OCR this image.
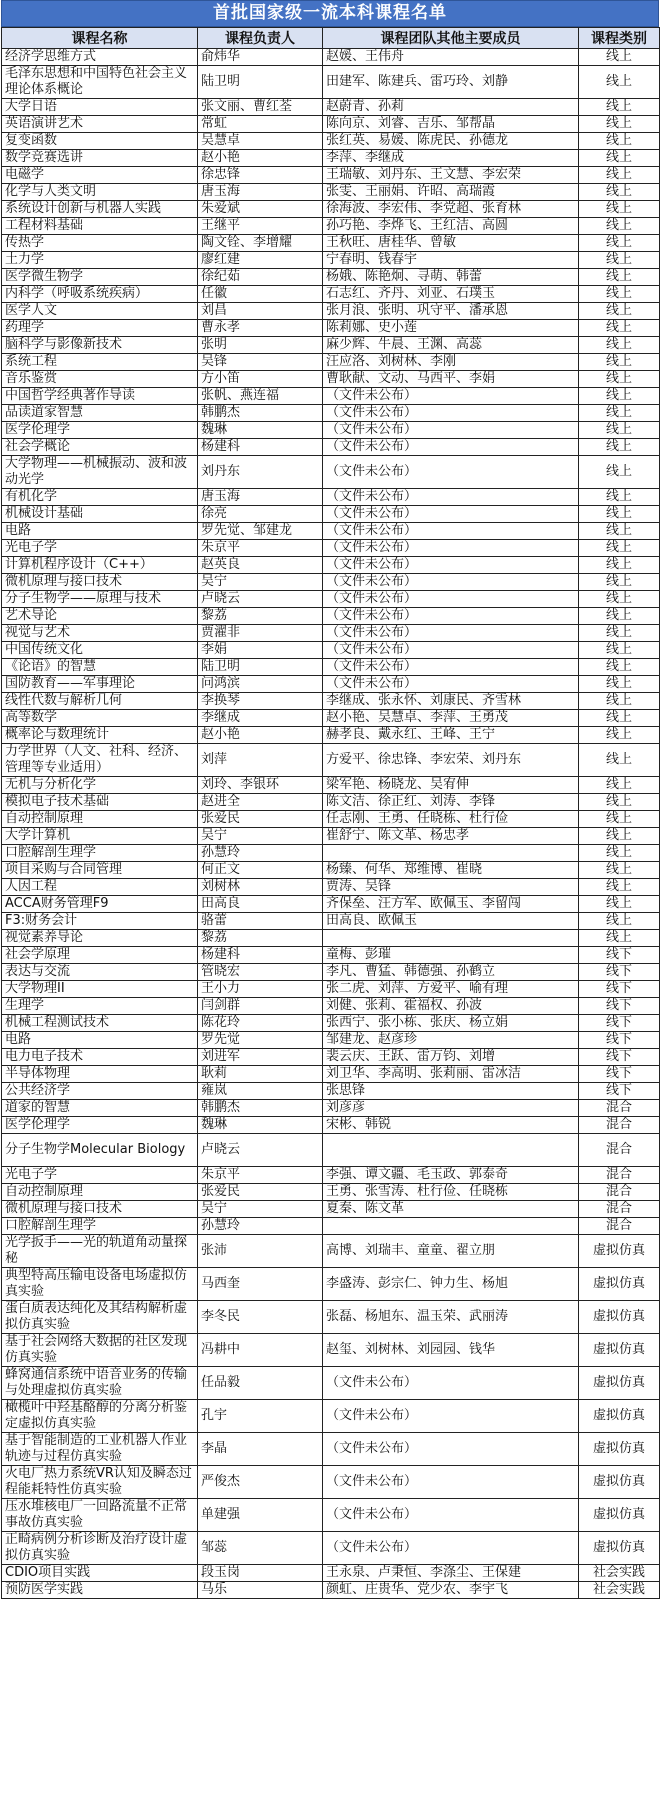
首批国家级一流本科课程名单
课程名称	课程负责人	课程团队其他主要成员	课程类别
经济学思维方式	俞炜华	赵媛、王伟舟	线上
毛泽东思想和中国特色社会主义理论体系概论	陆卫明	田建军、陈建兵、雷巧玲、刘静	线上
大学日语	张文丽、曹红荃	赵蔚青、孙莉	线上
英语演讲艺术	常虹	陈向京、刘睿、吉乐、邹帮晶	线上
复变函数	吴慧卓	张红英、易媛、陈虎民、孙德龙	线上
数学竞赛选讲	赵小艳	李萍、李继成	线上
电磁学	徐忠锋	王瑞敏、刘丹东、王文慧、李宏荣	线上
化学与人类文明	唐玉海	张雯、王丽娟、许昭、高瑞霞	线上
系统设计创新与机器人实践	朱爱斌	徐海波、李宏伟、李党超、张育林	线上
工程材料基础	王继平	孙巧艳、李烨飞、王红洁、高圆	线上
传热学	陶文铨、李增耀	王秋旺、唐桂华、曾敏	线上
土力学	廖红建	宁春明、钱春宇	线上
医学微生物学	徐纪茹	杨娥、陈艳炯、寻萌、韩蕾	线上
内科学（呼吸系统疾病）	任徽	石志红、齐丹、刘亚、石璞玉	线上
医学人文	刘昌	张月浪、张明、巩守平、潘承恩	线上
药理学	曹永孝	陈莉娜、史小莲	线上
脑科学与影像新技术	张明	麻少辉、牛晨、王渊、高蕊	线上
系统工程	吴锋	汪应洛、刘树林、李刚	线上
音乐鉴赏	方小笛	曹耿献、文动、马西平、李娟	线上
中国哲学经典著作导读	张帆、燕连福	（文件未公布）	线上
品读道家智慧	韩鹏杰	（文件未公布）	线上
医学伦理学	魏琳	（文件未公布）	线上
社会学概论	杨建科	（文件未公布）	线上
大学物理——机械振动、波和波动光学	刘丹东	（文件未公布）	线上
有机化学	唐玉海	（文件未公布）	线上
机械设计基础	徐亮	（文件未公布）	线上
电路	罗先觉、邹建龙	（文件未公布）	线上
光电子学	朱京平	（文件未公布）	线上
计算机程序设计（C++）	赵英良	（文件未公布）	线上
微机原理与接口技术	吴宁	（文件未公布）	线上
分子生物学——原理与技术	卢晓云	（文件未公布）	线上
艺术导论	黎荔	（文件未公布）	线上
视觉与艺术	贾濯非	（文件未公布）	线上
中国传统文化	李娟	（文件未公布）	线上
《论语》的智慧	陆卫明	（文件未公布）	线上
国防教育——军事理论	问鸿滨	（文件未公布）	线上
线性代数与解析几何	李换琴	李继成、张永怀、刘康民、齐雪林	线上
高等数学	李继成	赵小艳、吴慧卓、李萍、王勇茂	线上
概率论与数理统计	赵小艳	赫孝良、戴永红、王峰、王宁	线上
力学世界（人文、社科、经济、管理等专业适用）	刘萍	方爱平、徐忠锋、李宏荣、刘丹东	线上
无机与分析化学	刘玲、李银环	梁军艳、杨晓龙、吴宥伸	线上
模拟电子技术基础	赵进全	陈文洁、徐正红、刘涛、李锋	线上
自动控制原理	张爱民	任志刚、王勇、任晓栋、杜行俭	线上
大学计算机	吴宁	崔舒宁、陈文革、杨忠孝	线上
口腔解剖生理学	孙慧玲		线上
项目采购与合同管理	何正文	杨臻、何华、郑维博、崔晓	线上
人因工程	刘树林	贾涛、吴锋	线上
ACCA财务管理F9	田高良	齐保垒、汪方军、欧佩玉、李留闯	线上
F3:财务会计	骆蕾	田高良、欧佩玉	线上
视觉素养导论	黎荔		线上
社会学原理	杨建科	童梅、彭璀	线下
表达与交流	管晓宏	李凡、曹猛、韩德强、孙鹤立	线下
大学物理II	王小力	张二虎、刘萍、方爱平、喻有理	线下
生理学	闫剑群	刘健、张莉、霍福权、孙波	线下
机械工程测试技术	陈花玲	张西宁、张小栋、张庆、杨立娟	线下
电路	罗先觉	邹建龙、赵彦珍	线下
电力电子技术	刘进军	裴云庆、王跃、雷万钧、刘增	线下
半导体物理	耿莉	刘卫华、李高明、张莉丽、雷冰洁	线下
公共经济学	雍岚	张思锋	线下
道家的智慧	韩鹏杰	刘彦彦	混合
医学伦理学	魏琳	宋彬、韩锐	混合
分子生物学Molecular Biology	卢晓云		混合
光电子学	朱京平	李强、谭文疆、毛玉政、郭泰奇	混合
自动控制原理	张爱民	王勇、张雪涛、杜行俭、任晓栋	混合
微机原理与接口技术	吴宁	夏秦、陈文革	混合
口腔解剖生理学	孙慧玲		混合
光学扳手——光的轨道角动量探秘	张沛	高博、刘瑞丰、童童、翟立朋	虚拟仿真
典型特高压输电设备电场虚拟仿真实验	马西奎	李盛涛、彭宗仁、钟力生、杨旭	虚拟仿真
蛋白质表达纯化及其结构解析虚拟仿真实验	李冬民	张磊、杨旭东、温玉荣、武丽涛	虚拟仿真
基于社会网络大数据的社区发现仿真实验	冯耕中	赵玺、刘树林、刘园园、钱华	虚拟仿真
蜂窝通信系统中语音业务的传输与处理虚拟仿真实验	任品毅	（文件未公布）	虚拟仿真
橄榄叶中羟基酪醇的分离分析鉴定虚拟仿真实验	孔宇	（文件未公布）	虚拟仿真
基于智能制造的工业机器人作业轨迹与过程仿真实验	李晶	（文件未公布）	虚拟仿真
火电厂热力系统VR认知及瞬态过程能耗特性仿真实验	严俊杰	（文件未公布）	虚拟仿真
压水堆核电厂一回路流量不正常事故仿真实验	单建强	（文件未公布）	虚拟仿真
正畸病例分析诊断及治疗设计虚拟仿真实验	邹蕊	（文件未公布）	虚拟仿真
CDIO项目实践	段玉岗	王永泉、卢秉恒、李涤尘、王保建	社会实践
预防医学实践	马乐	颜虹、庄贵华、党少农、李宇飞	社会实践
